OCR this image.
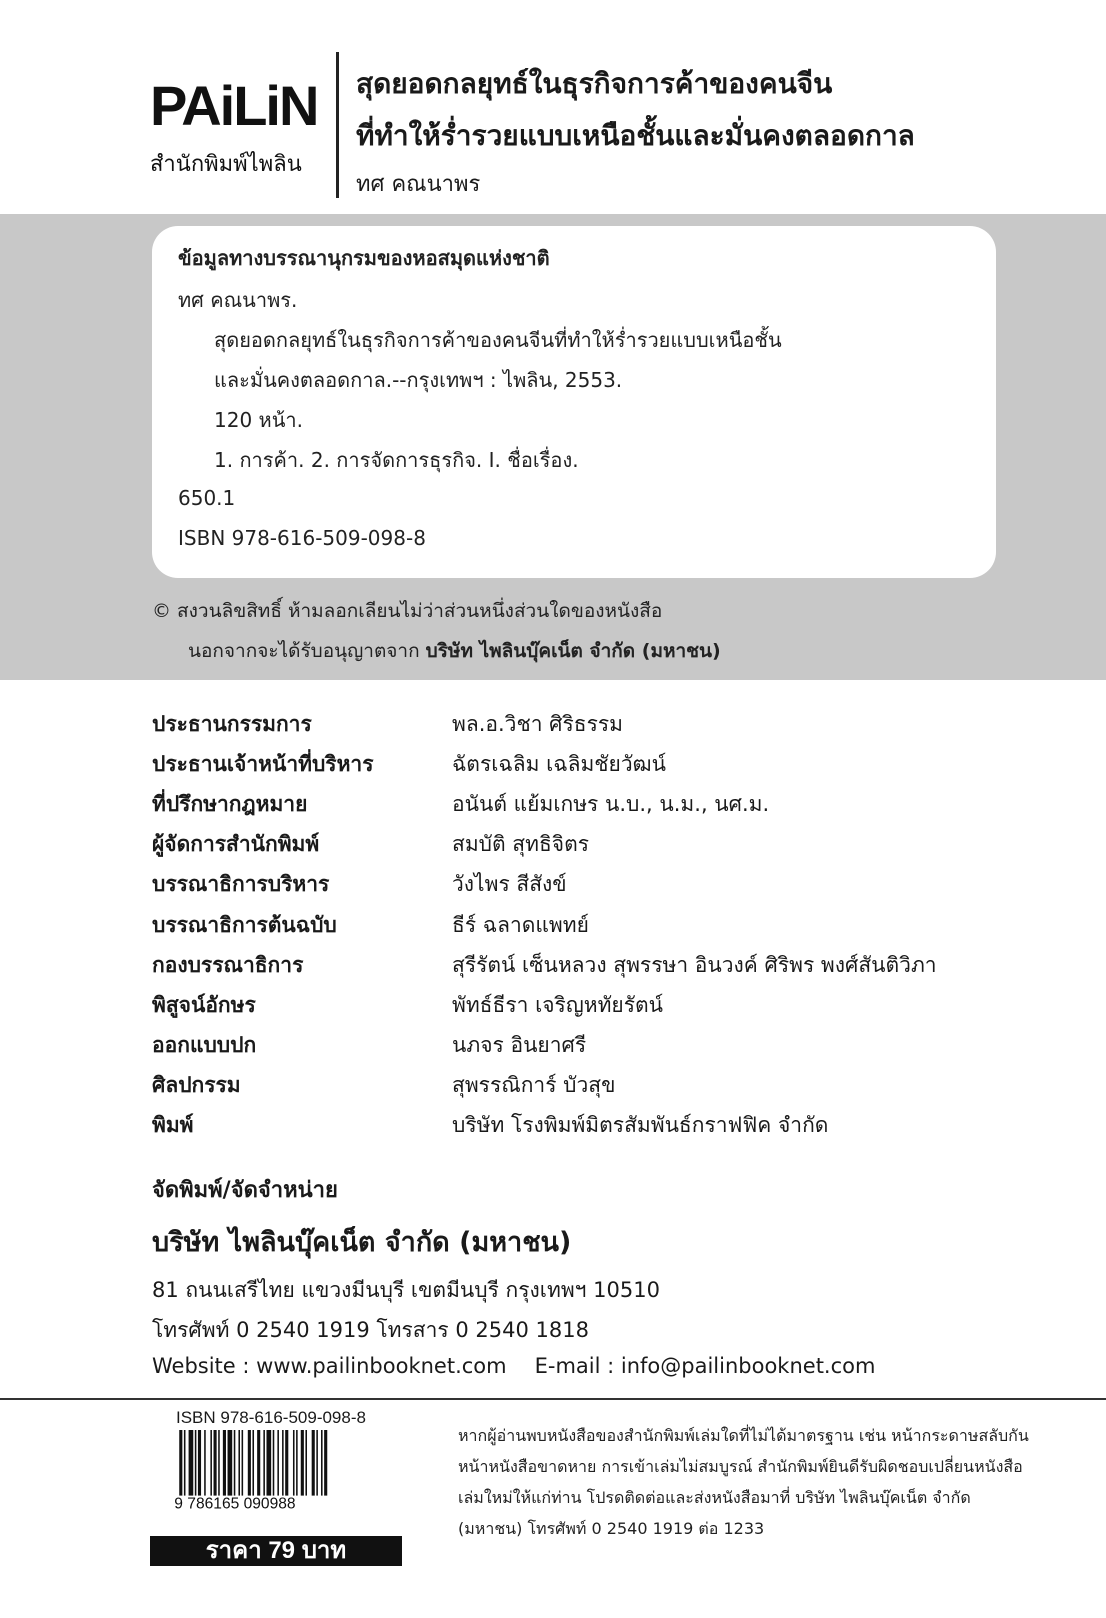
PAiLiN
สำนักพิมพ์ไพลิน
สุดยอดกลยุทธ์ในธุรกิจการค้าของคนจีน
ที่ทำให้ร่ำรวยแบบเหนือชั้นและมั่นคงตลอดกาล
ทศ คณนาพร
ข้อมูลทางบรรณานุกรมของหอสมุดแห่งชาติ
ทศ คณนาพร.
สุดยอดกลยุทธ์ในธุรกิจการค้าของคนจีนที่ทำให้ร่ำรวยแบบเหนือชั้น
และมั่นคงตลอดกาล.--กรุงเทพฯ : ไพลิน, 2553.
120 หน้า.
1. การค้า. 2. การจัดการธุรกิจ. I. ชื่อเรื่อง.
650.1
ISBN 978-616-509-098-8
© สงวนลิขสิทธิ์ ห้ามลอกเลียนไม่ว่าส่วนหนึ่งส่วนใดของหนังสือ
นอกจากจะได้รับอนุญาตจาก บริษัท ไพลินบุ๊คเน็ต จำกัด (มหาชน)
ประธานกรรมการ	พล.อ.วิชา ศิริธรรม
ประธานเจ้าหน้าที่บริหาร	ฉัตรเฉลิม เฉลิมชัยวัฒน์
ที่ปรึกษากฎหมาย	อนันต์ แย้มเกษร น.บ., น.ม., นศ.ม.
ผู้จัดการสำนักพิมพ์	สมบัติ สุทธิจิตร
บรรณาธิการบริหาร	วังไพร สีสังข์
บรรณาธิการต้นฉบับ	ธีร์ ฉลาดแพทย์
กองบรรณาธิการ	สุรีรัตน์ เซ็นหลวง สุพรรษา อินวงค์ ศิริพร พงศ์สันติวิภา
พิสูจน์อักษร	พัทธ์ธีรา เจริญหทัยรัตน์
ออกแบบปก	นภจร อินยาศรี
ศิลปกรรม	สุพรรณิการ์ บัวสุข
พิมพ์	บริษัท โรงพิมพ์มิตรสัมพันธ์กราฟฟิค จำกัด
จัดพิมพ์/จัดจำหน่าย
บริษัท ไพลินบุ๊คเน็ต จำกัด (มหาชน)
81 ถนนเสรีไทย แขวงมีนบุรี เขตมีนบุรี กรุงเทพฯ 10510
โทรศัพท์ 0 2540 1919 โทรสาร 0 2540 1818
Website : www.pailinbooknet.com E-mail : info@pailinbooknet.com
ISBN 978-616-509-098-8
9 786165 090988
ราคา 79 บาท
หากผู้อ่านพบหนังสือของสำนักพิมพ์เล่มใดที่ไม่ได้มาตรฐาน เช่น หน้ากระดาษสลับกัน หน้าหนังสือขาดหาย การเข้าเล่มไม่สมบูรณ์ สำนักพิมพ์ยินดีรับผิดชอบเปลี่ยนหนังสือเล่มใหม่ให้แก่ท่าน โปรดติดต่อและส่งหนังสือมาที่ บริษัท ไพลินบุ๊คเน็ต จำกัด (มหาชน) โทรศัพท์ 0 2540 1919 ต่อ 1233
